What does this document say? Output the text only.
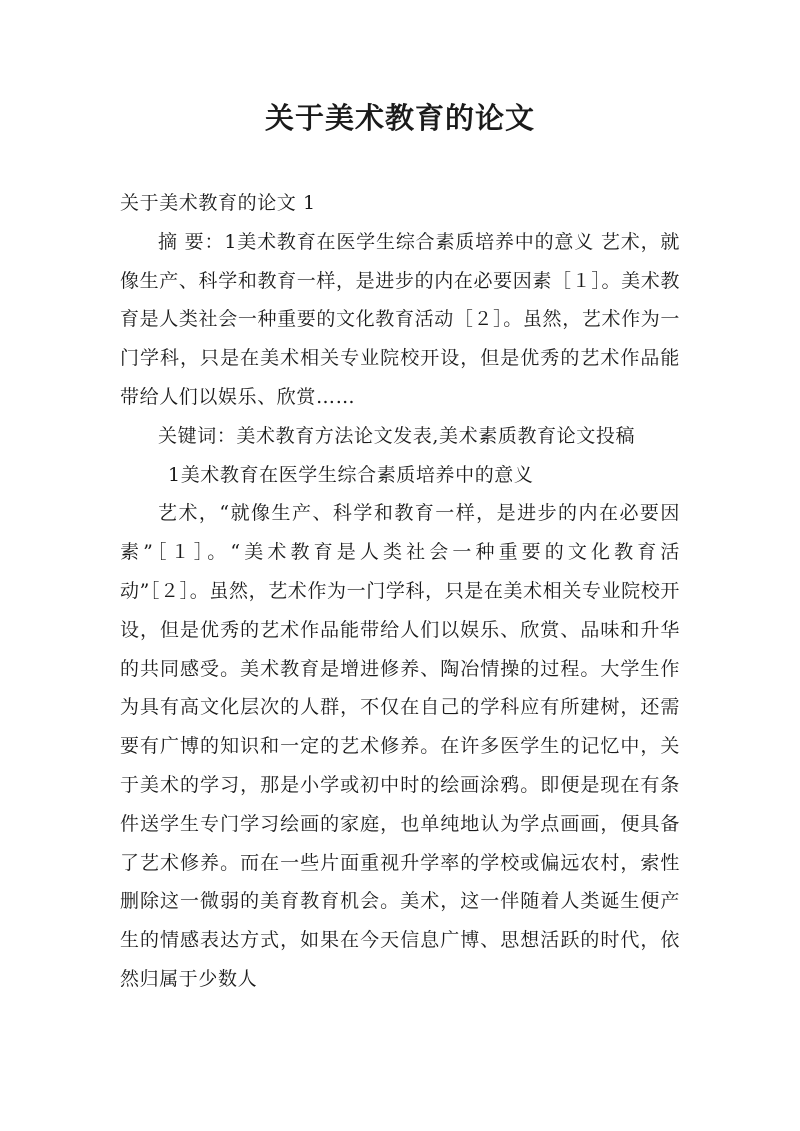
关于美术教育的论文

关于美术教育的论文 1

摘 要：1美术教育在医学生综合素质培养中的意义 艺术，就像生产、科学和教育一样，是进步的内在必要因素［１］。美术教育是人类社会一种重要的文化教育活动［２］。虽然，艺术作为一门学科，只是在美术相关专业院校开设，但是优秀的艺术作品能带给人们以娱乐、欣赏……

关键词：美术教育方法论文发表,美术素质教育论文投稿

1美术教育在医学生综合素质培养中的意义

艺术，“就像生产、科学和教育一样，是进步的内在必要因素”［１］。“美术教育是人类社会一种重要的文化教育活动”［２］。虽然，艺术作为一门学科，只是在美术相关专业院校开设，但是优秀的艺术作品能带给人们以娱乐、欣赏、品味和升华的共同感受。美术教育是增进修养、陶冶情操的过程。大学生作为具有高文化层次的人群，不仅在自己的学科应有所建树，还需要有广博的知识和一定的艺术修养。在许多医学生的记忆中，关于美术的学习，那是小学或初中时的绘画涂鸦。即便是现在有条件送学生专门学习绘画的家庭，也单纯地认为学点画画，便具备了艺术修养。而在一些片面重视升学率的学校或偏远农村，索性删除这一微弱的美育教育机会。美术，这一伴随着人类诞生便产生的情感表达方式，如果在今天信息广博、思想活跃的时代，依然归属于少数人
